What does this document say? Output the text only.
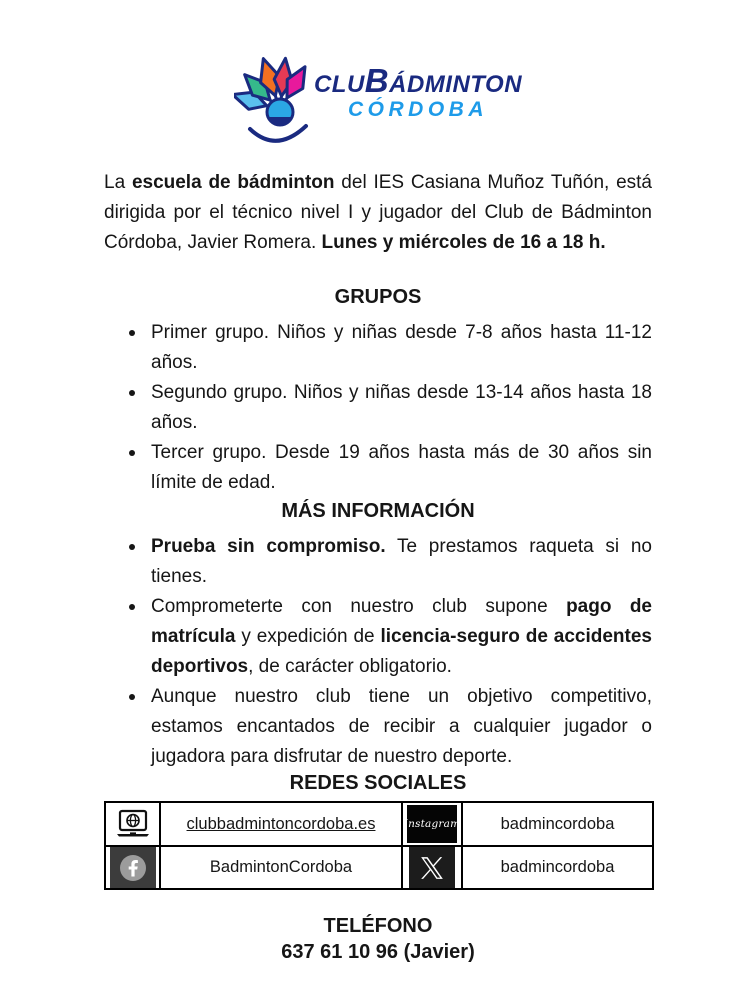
CLUBÁDMINTON
CÓRDOBA

La escuela de bádminton del IES Casiana Muñoz Tuñón, está dirigida por el técnico nivel I y jugador del Club de Bádminton Córdoba, Javier Romera. Lunes y miércoles de 16 a 18 h.

GRUPOS
Primer grupo. Niños y niñas desde 7-8 años hasta 11-12 años.
Segundo grupo. Niños y niñas desde 13-14 años hasta 18 años.
Tercer grupo. Desde 19 años hasta más de 30 años sin límite de edad.
MÁS INFORMACIÓN
Prueba sin compromiso. Te prestamos raqueta si no tienes.
Comprometerte con nuestro club supone pago de matrícula y expedición de licencia-seguro de accidentes deportivos, de carácter obligatorio.
Aunque nuestro club tiene un objetivo competitivo, estamos encantados de recibir a cualquier jugador o jugadora para disfrutar de nuestro deporte.
REDES SOCIALES
	clubbadmintoncordoba.es	Instagram	badmincordoba

	BadmintonCordoba		badmincordoba
TELÉFONO
637 61 10 96 (Javier)
